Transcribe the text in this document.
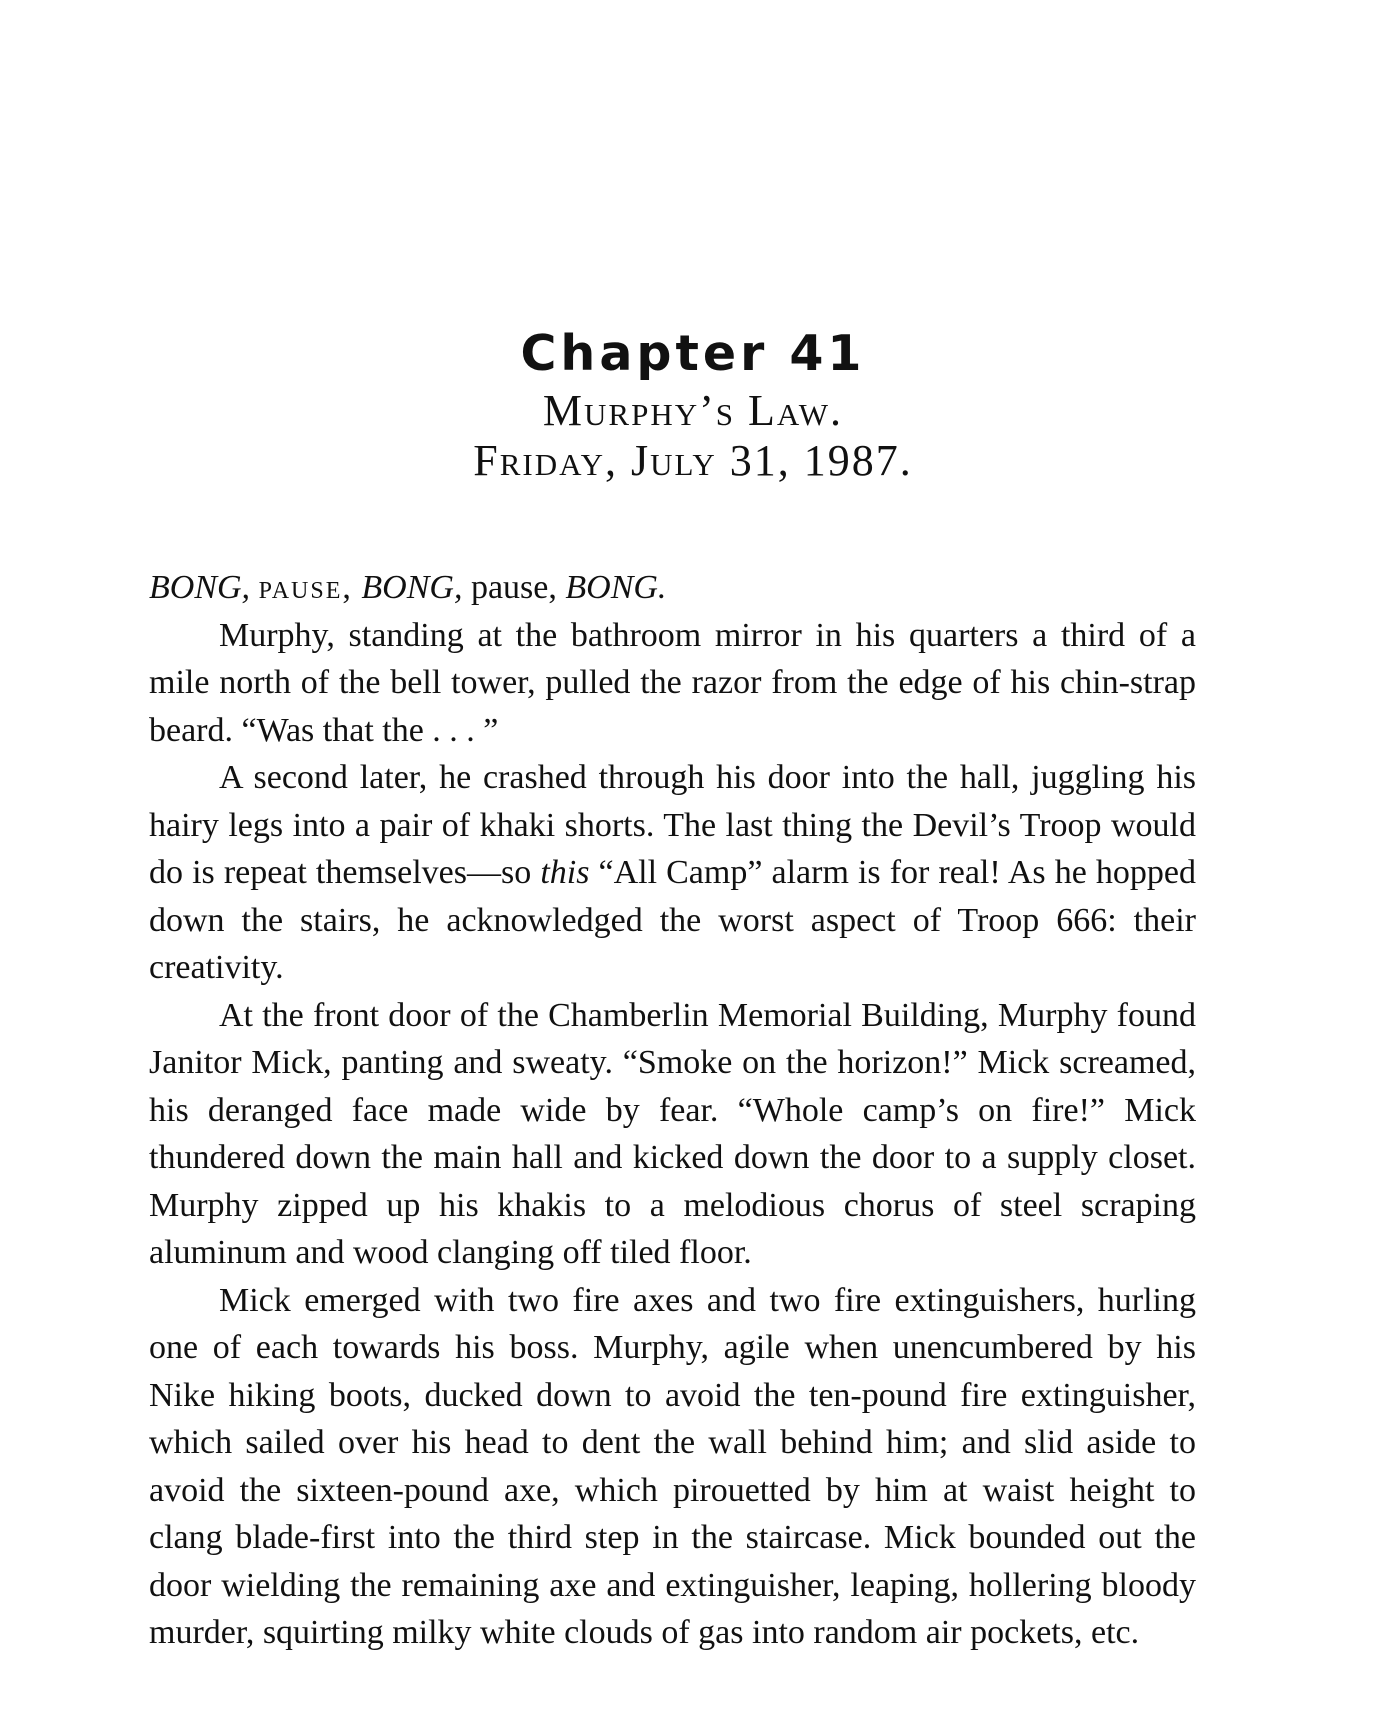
Chapter 41

Murphy’s Law.

Friday, July 31, 1987.

BONG, pause, BONG, pause, BONG.

Murphy, standing at the bathroom mirror in his quarters a third of a mile north of the bell tower, pulled the razor from the edge of his chin-strap beard. “Was that the . . . ”

A second later, he crashed through his door into the hall, juggling his hairy legs into a pair of khaki shorts. The last thing the Devil’s Troop would do is repeat themselves—so this “All Camp” alarm is for real! As he hopped down the stairs, he acknowledged the worst aspect of Troop 666: their creativity.

At the front door of the Chamberlin Memorial Building, Murphy found Janitor Mick, panting and sweaty. “Smoke on the horizon!” Mick screamed, his deranged face made wide by fear. “Whole camp’s on fire!” Mick thundered down the main hall and kicked down the door to a supply closet. Murphy zipped up his khakis to a melodious chorus of steel scraping aluminum and wood clanging off tiled floor.

Mick emerged with two fire axes and two fire extinguishers, hurling one of each towards his boss. Murphy, agile when unencumbered by his Nike hiking boots, ducked down to avoid the ten-pound fire extinguisher, which sailed over his head to dent the wall behind him; and slid aside to avoid the sixteen-pound axe, which pirouetted by him at waist height to clang blade-first into the third step in the staircase. Mick bounded out the door wielding the remaining axe and extinguisher, leaping, hollering bloody murder, squirting milky white clouds of gas into random air pockets, etc.
